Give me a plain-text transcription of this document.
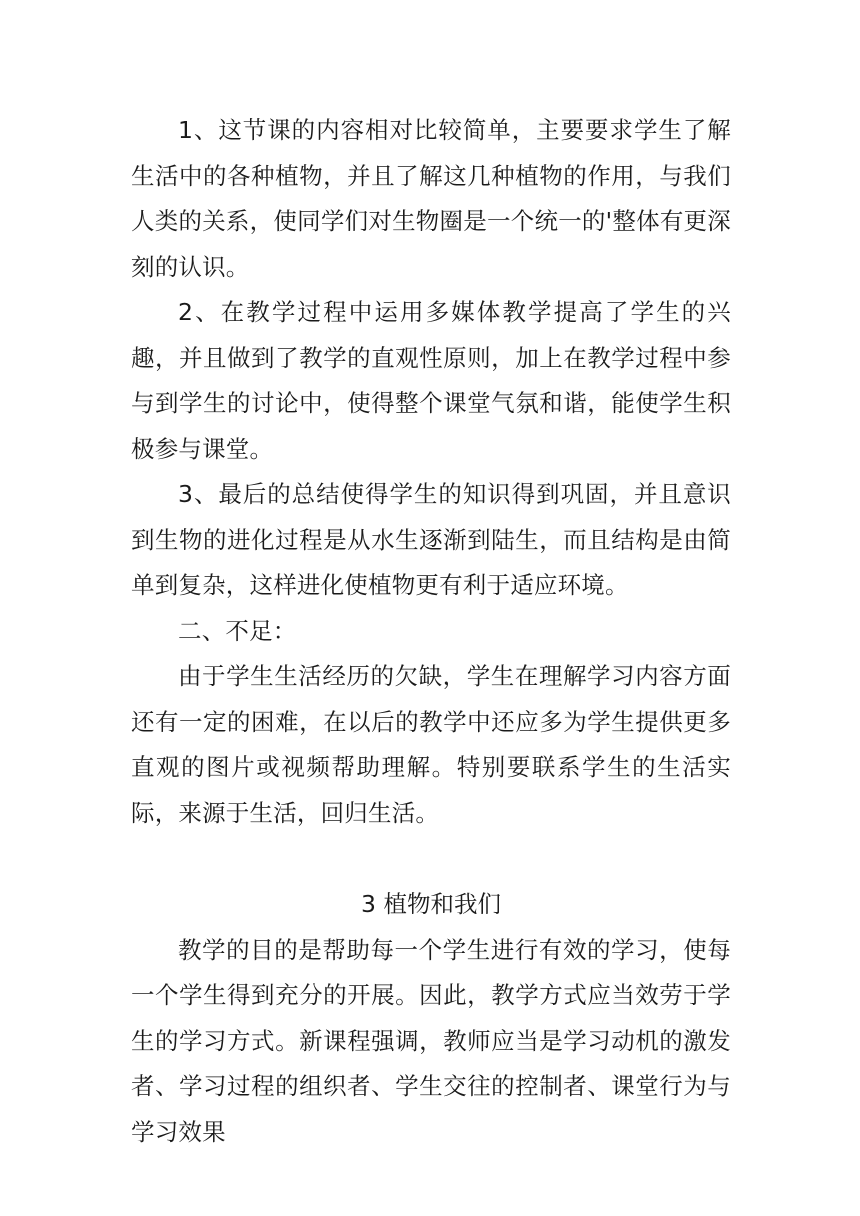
1、这节课的内容相对比较简单，主要要求学生了解生活中的各种植物，并且了解这几种植物的作用，与我们人类的关系，使同学们对生物圈是一个统一的'整体有更深刻的认识。

2、在教学过程中运用多媒体教学提高了学生的兴趣，并且做到了教学的直观性原则，加上在教学过程中参与到学生的讨论中，使得整个课堂气氛和谐，能使学生积极参与课堂。

3、最后的总结使得学生的知识得到巩固，并且意识到生物的进化过程是从水生逐渐到陆生，而且结构是由简单到复杂，这样进化使植物更有利于适应环境。

二、不足：

由于学生生活经历的欠缺，学生在理解学习内容方面还有一定的困难，在以后的教学中还应多为学生提供更多直观的图片或视频帮助理解。特别要联系学生的生活实际，来源于生活，回归生活。

3 植物和我们

教学的目的是帮助每一个学生进行有效的学习，使每一个学生得到充分的开展。因此，教学方式应当效劳于学生的学习方式。新课程强调，教师应当是学习动机的激发者、学习过程的组织者、学生交往的控制者、课堂行为与学习效果
